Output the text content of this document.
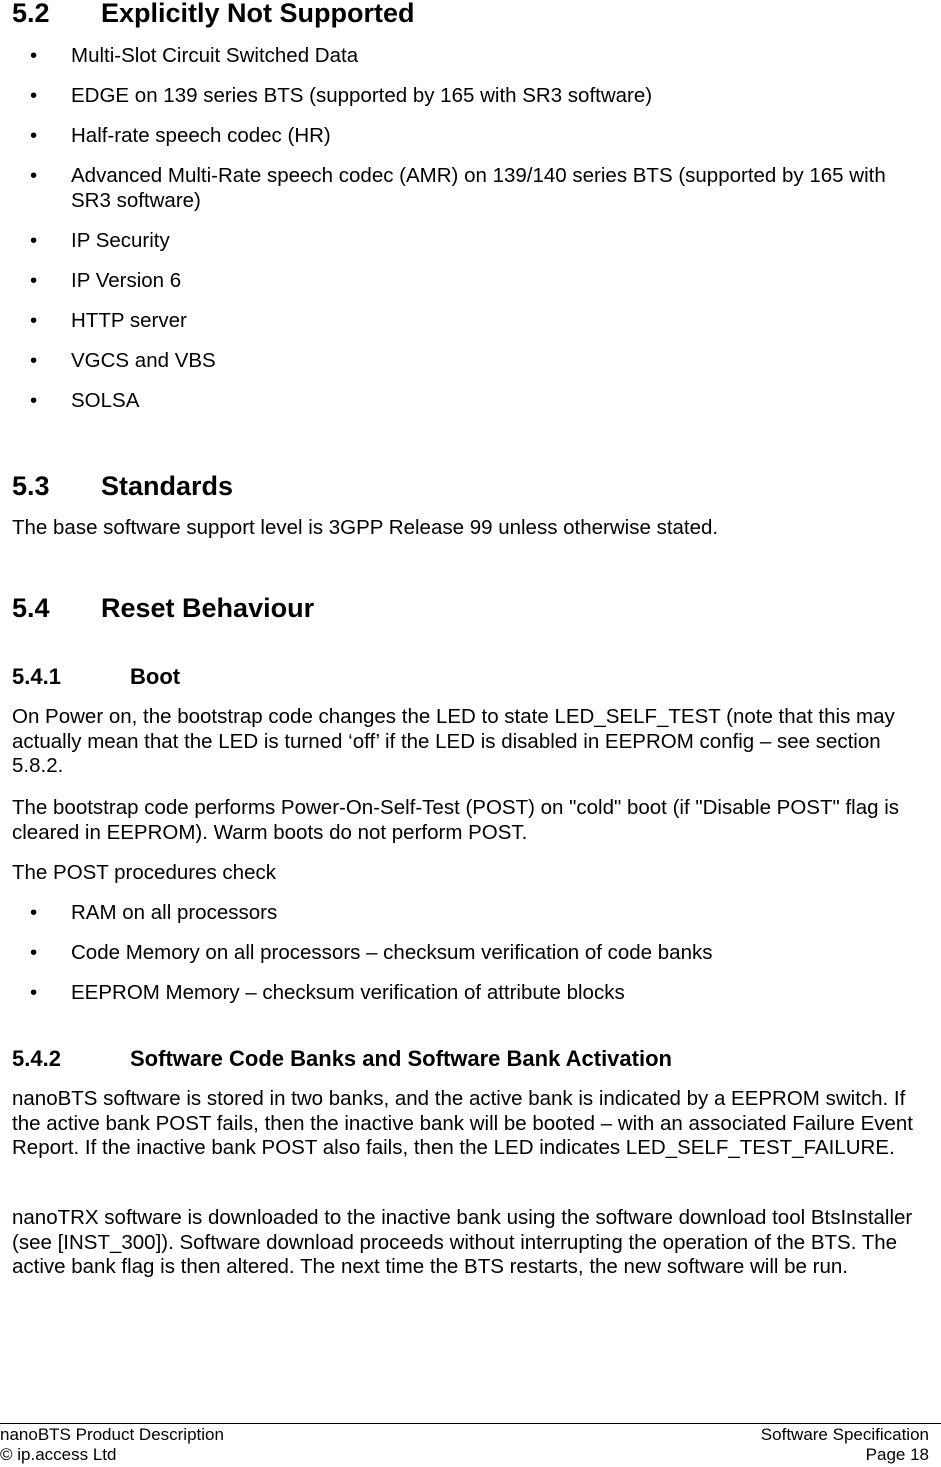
5.2 Explicitly Not Supported
• Multi-Slot Circuit Switched Data
• EDGE on 139 series BTS (supported by 165 with SR3 software)
• Half-rate speech codec (HR)
• Advanced Multi-Rate speech codec (AMR) on 139/140 series BTS (supported by 165 with SR3 software)
• IP Security
• IP Version 6
• HTTP server
• VGCS and VBS
• SOLSA
5.3 Standards
The base software support level is 3GPP Release 99 unless otherwise stated.
5.4 Reset Behaviour
5.4.1	Boot
On Power on, the bootstrap code changes the LED to state LED_SELF_TEST (note that this may actually mean that the LED is turned ‘off’ if the LED is disabled in EEPROM config – see section 5.8.2.
The bootstrap code performs Power-On-Self-Test (POST) on "cold" boot (if "Disable POST" flag is cleared in EEPROM). Warm boots do not perform POST.
The POST procedures check
• RAM on all processors
• Code Memory on all processors – checksum verification of code banks
• EEPROM Memory – checksum verification of attribute blocks
5.4.2	Software Code Banks and Software Bank Activation
nanoBTS software is stored in two banks, and the active bank is indicated by a EEPROM switch. If the active bank POST fails, then the inactive bank will be booted – with an associated Failure Event Report. If the inactive bank POST also fails, then the LED indicates LED_SELF_TEST_FAILURE.
nanoTRX software is downloaded to the inactive bank using the software download tool BtsInstaller (see [INST_300]). Software download proceeds without interrupting the operation of the BTS. The active bank flag is then altered. The next time the BTS restarts, the new software will be run.
nanoBTS Product Description
© ip.access Ltd
Software Specification
Page 18
